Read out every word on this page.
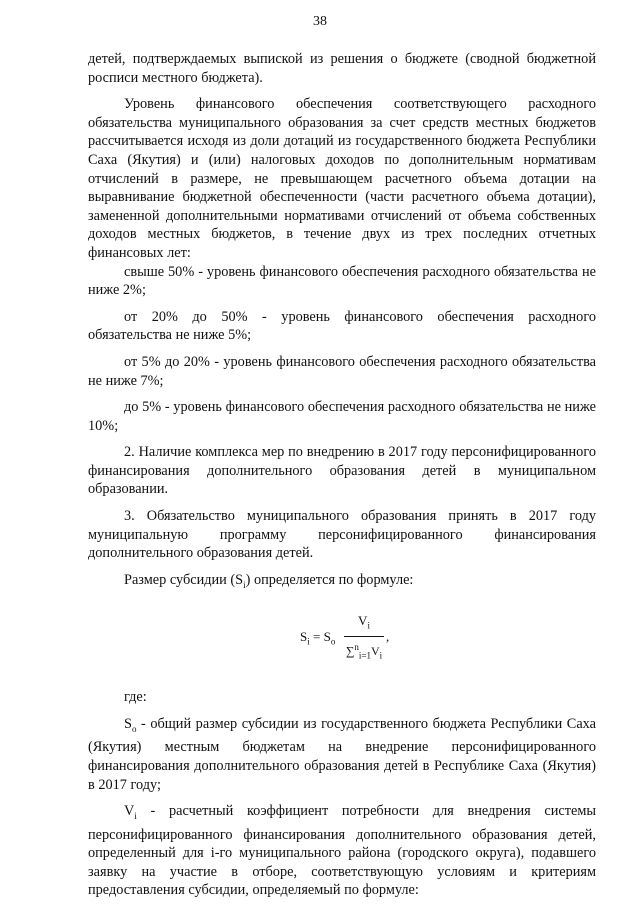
38

детей, подтверждаемых выпиской из решения о бюджете (сводной бюджетной росписи местного бюджета).

Уровень финансового обеспечения соответствующего расходного обязательства муниципального образования за счет средств местных бюджетов рассчитывается исходя из доли дотаций из государственного бюджета Республики Саха (Якутия) и (или) налоговых доходов по дополнительным нормативам отчислений в размере, не превышающем расчетного объема дотации на выравнивание бюджетной обеспеченности (части расчетного объема дотации), замененной дополнительными нормативами отчислений от объема собственных доходов местных бюджетов, в течение двух из трех последних отчетных финансовых лет:

свыше 50% - уровень финансового обеспечения расходного обязательства не ниже 2%;

от 20% до 50% - уровень финансового обеспечения расходного обязательства не ниже 5%;

от 5% до 20% - уровень финансового обеспечения расходного обязательства не ниже 7%;

до 5% - уровень финансового обеспечения расходного обязательства не ниже 10%;

2. Наличие комплекса мер по внедрению в 2017 году персонифицированного финансирования дополнительного образования детей в муниципальном образовании.

3. Обязательство муниципального образования принять в 2017 году муниципальную программу персонифицированного финансирования дополнительного образования детей.

Размер субсидии $(S_i)$ определяется по формуле:

$S_i = S_o \frac{V_i}{\sum^n_{i=1}V_i}$ ,

где:

$S_о$ - общий размер субсидии из государственного бюджета Республики Саха (Якутия) местным бюджетам на внедрение персонифицированного финансирования дополнительного образования детей в Республике Саха (Якутия) в 2017 году;

$V_i$ - расчетный коэффициент потребности для внедрения системы персонифицированного финансирования дополнительного образования детей, определенный для i-го муниципального района (городского округа), подавшего заявку на участие в отборе, соответствующую условиям и критериям предоставления субсидии, определяемый по формуле:
